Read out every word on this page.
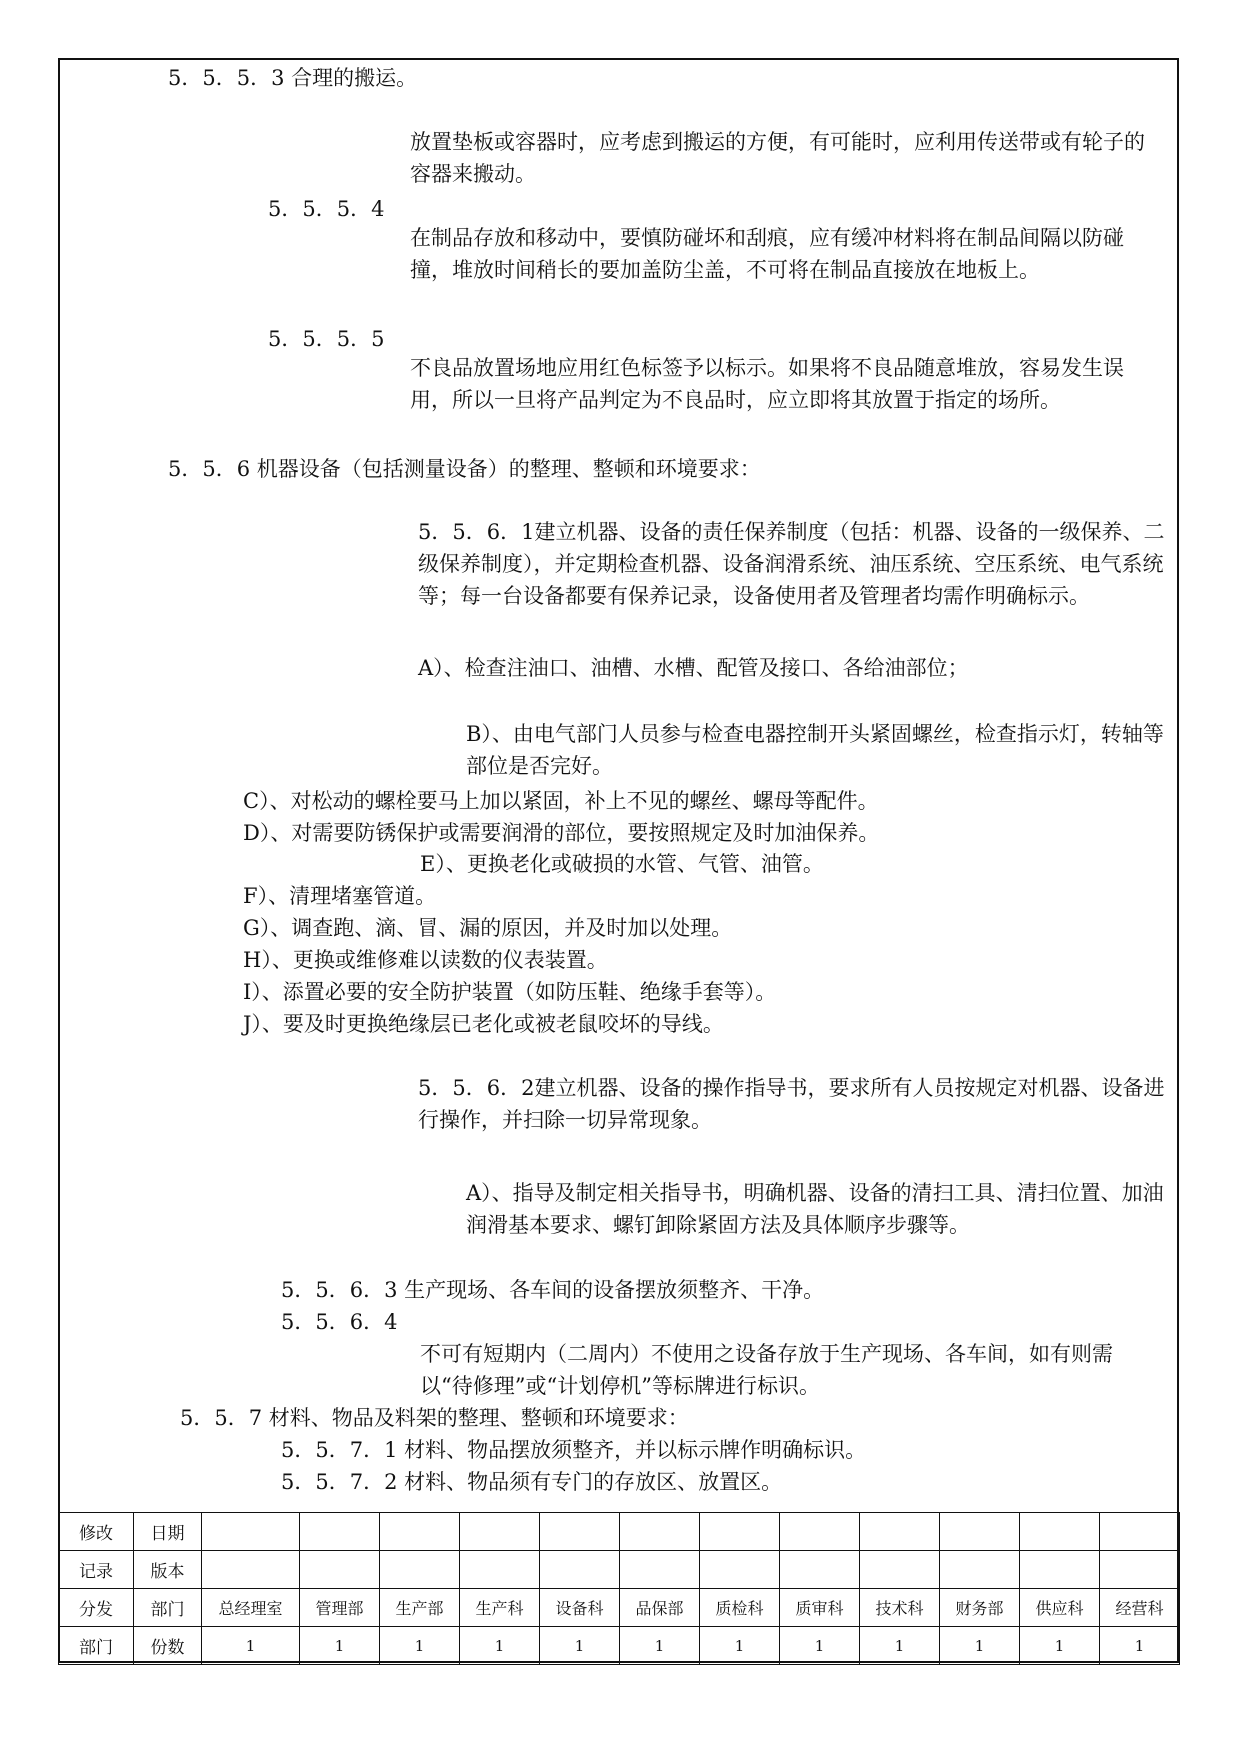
5．5．5．3 合理的搬运。
放置垫板或容器时，应考虑到搬运的方便，有可能时，应利用传送带或有轮子的容器来搬动。
5．5．5．4
在制品存放和移动中，要慎防碰坏和刮痕，应有缓冲材料将在制品间隔以防碰撞，堆放时间稍长的要加盖防尘盖，不可将在制品直接放在地板上。
5．5．5．5
不良品放置场地应用红色标签予以标示。如果将不良品随意堆放，容易发生误用，所以一旦将产品判定为不良品时，应立即将其放置于指定的场所。
5．5．6 机器设备（包括测量设备）的整理、整顿和环境要求：
5．5．6．1建立机器、设备的责任保养制度（包括：机器、设备的一级保养、二级保养制度），并定期检查机器、设备润滑系统、油压系统、空压系统、电气系统等；每一台设备都要有保养记录，设备使用者及管理者均需作明确标示。
A）、检查注油口、油槽、水槽、配管及接口、各给油部位；
B）、由电气部门人员参与检查电器控制开头紧固螺丝，检查指示灯，转轴等部位是否完好。
C）、对松动的螺栓要马上加以紧固，补上不见的螺丝、螺母等配件。
D）、对需要防锈保护或需要润滑的部位，要按照规定及时加油保养。
E）、更换老化或破损的水管、气管、油管。
F）、清理堵塞管道。
G）、调查跑、滴、冒、漏的原因，并及时加以处理。
H）、更换或维修难以读数的仪表装置。
I）、添置必要的安全防护装置（如防压鞋、绝缘手套等）。
J）、要及时更换绝缘层已老化或被老鼠咬坏的导线。
5．5．6．2建立机器、设备的操作指导书，要求所有人员按规定对机器、设备进行操作，并扫除一切异常现象。
A）、指导及制定相关指导书，明确机器、设备的清扫工具、清扫位置、加油润滑基本要求、螺钉卸除紧固方法及具体顺序步骤等。
5．5．6．3 生产现场、各车间的设备摆放须整齐、干净。
5．5．6．4
不可有短期内（二周内）不使用之设备存放于生产现场、各车间，如有则需以“待修理”或“计划停机”等标牌进行标识。
5．5．7 材料、物品及料架的整理、整顿和环境要求：
5．5．7．1 材料、物品摆放须整齐，并以标示牌作明确标识。
5．5．7．2 材料、物品须有专门的存放区、放置区。
修改	日期												
记录	版本												
分发	部门	总经理室	管理部	生产部	生产科	设备科	品保部	质检科	质审科	技术科	财务部	供应科	经营科
部门	份数	1	1	1	1	1	1	1	1	1	1	1	1
